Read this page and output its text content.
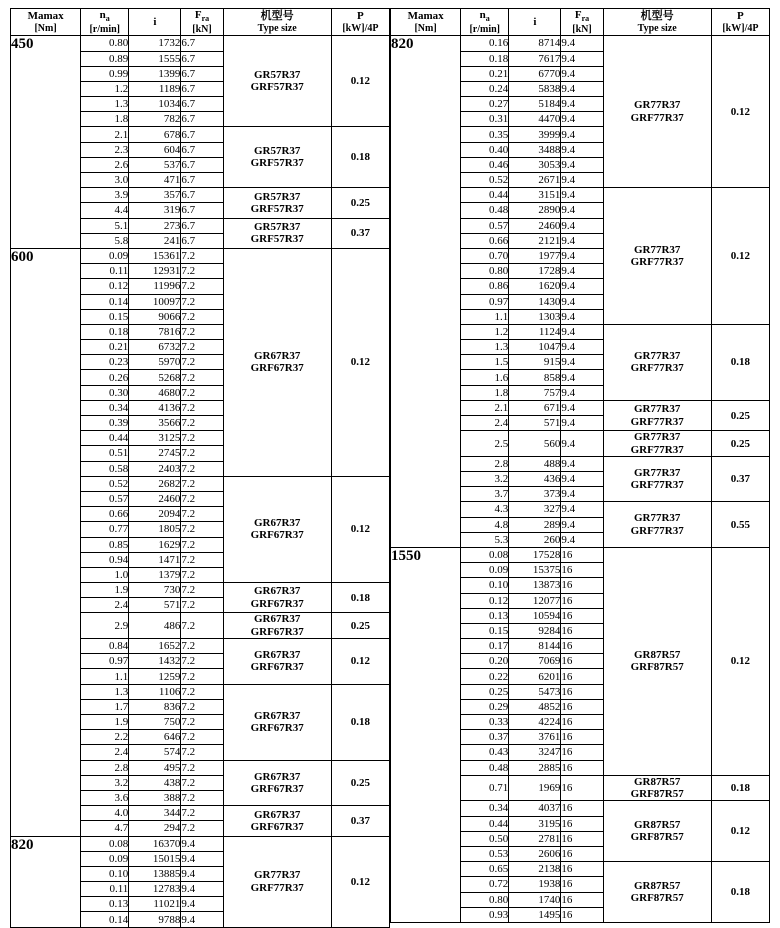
Mamax
[Nm]	$n_a$
[r/min]	i	$F_{ra}$
[kN]	机型号
Type size	P
[kW]/4P

450	0.80	1732	6.7	GR57R37
GRF57R37	0.12
	0.89	1555	6.7		
	0.99	1399	6.7		
	1.2	1189	6.7		
	1.3	1034	6.7		
	1.8	782	6.7		
	2.1	678	6.7	GR57R37
GRF57R37	0.18
	2.3	604	6.7		
	2.6	537	6.7		
	3.0	471	6.7		
	3.9	357	6.7	GR57R37
GRF57R37	0.25
	4.4	319	6.7		
	5.1	273	6.7	GR57R37
GRF57R37	0.37
	5.8	241	6.7		
600	0.09	15361	7.2	GR67R37
GRF67R37	0.12
	0.11	12931	7.2		
	0.12	11996	7.2		
	0.14	10097	7.2		
	0.15	9066	7.2		
	0.18	7816	7.2		
	0.21	6732	7.2		
	0.23	5970	7.2		
	0.26	5268	7.2		
	0.30	4680	7.2		
	0.34	4136	7.2		
	0.39	3566	7.2		
	0.44	3125	7.2		
	0.51	2745	7.2		
	0.58	2403	7.2		
	0.52	2682	7.2	GR67R37
GRF67R37	0.12
	0.57	2460	7.2		
	0.66	2094	7.2		
	0.77	1805	7.2		
	0.85	1629	7.2		
	0.94	1471	7.2		
	1.0	1379	7.2		
	1.9	730	7.2	GR67R37
GRF67R37	0.18
	2.4	571	7.2		
	2.9	486	7.2	GR67R37
GRF67R37	0.25
	0.84	1652	7.2	GR67R37
GRF67R37	0.12
	0.97	1432	7.2		
	1.1	1259	7.2		
	1.3	1106	7.2	GR67R37
GRF67R37	0.18
	1.7	836	7.2		
	1.9	750	7.2		
	2.2	646	7.2		
	2.4	574	7.2		
	2.8	495	7.2	GR67R37
GRF67R37	0.25
	3.2	438	7.2		
	3.6	388	7.2		
	4.0	344	7.2	GR67R37
GRF67R37	0.37
	4.7	294	7.2		
820	0.08	16370	9.4	GR77R37
GRF77R37	0.12
	0.09	15015	9.4		
	0.10	13885	9.4		
	0.11	12783	9.4		
	0.13	11021	9.4		
	0.14	9788	9.4		
Mamax
[Nm]	$n_a$
[r/min]	i	$F_{ra}$
[kN]	机型号
Type size	P
[kW]/4P

820	0.16	8714	9.4	GR77R37
GRF77R37	0.12
	0.18	7617	9.4		
	0.21	6770	9.4		
	0.24	5838	9.4		
	0.27	5184	9.4		
	0.31	4470	9.4		
	0.35	3999	9.4		
	0.40	3488	9.4		
	0.46	3053	9.4		
	0.52	2671	9.4		
	0.44	3151	9.4	GR77R37
GRF77R37	0.12
	0.48	2890	9.4		
	0.57	2460	9.4		
	0.66	2121	9.4		
	0.70	1977	9.4		
	0.80	1728	9.4		
	0.86	1620	9.4		
	0.97	1430	9.4		
	1.1	1303	9.4		
	1.2	1124	9.4	GR77R37
GRF77R37	0.18
	1.3	1047	9.4		
	1.5	915	9.4		
	1.6	858	9.4		
	1.8	757	9.4		
	2.1	671	9.4	GR77R37
GRF77R37	0.25
	2.4	571	9.4		
	2.5	560	9.4	GR77R37
GRF77R37	0.25
	2.8	488	9.4	GR77R37
GRF77R37	0.37
	3.2	436	9.4		
	3.7	373	9.4		
	4.3	327	9.4	GR77R37
GRF77R37	0.55
	4.8	289	9.4		
	5.3	260	9.4		
1550	0.08	17528	16	GR87R57
GRF87R57	0.12
	0.09	15375	16		
	0.10	13873	16		
	0.12	12077	16		
	0.13	10594	16		
	0.15	9284	16		
	0.17	8144	16		
	0.20	7069	16		
	0.22	6201	16		
	0.25	5473	16		
	0.29	4852	16		
	0.33	4224	16		
	0.37	3761	16		
	0.43	3247	16		
	0.48	2885	16		
	0.71	1969	16	GR87R57
GRF87R57	0.18
	0.34	4037	16	GR87R57
GRF87R57	0.12
	0.44	3195	16		
	0.50	2781	16		
	0.53	2606	16		
	0.65	2138	16	GR87R57
GRF87R57	0.18
	0.72	1938	16		
	0.80	1740	16		
	0.93	1495	16		
